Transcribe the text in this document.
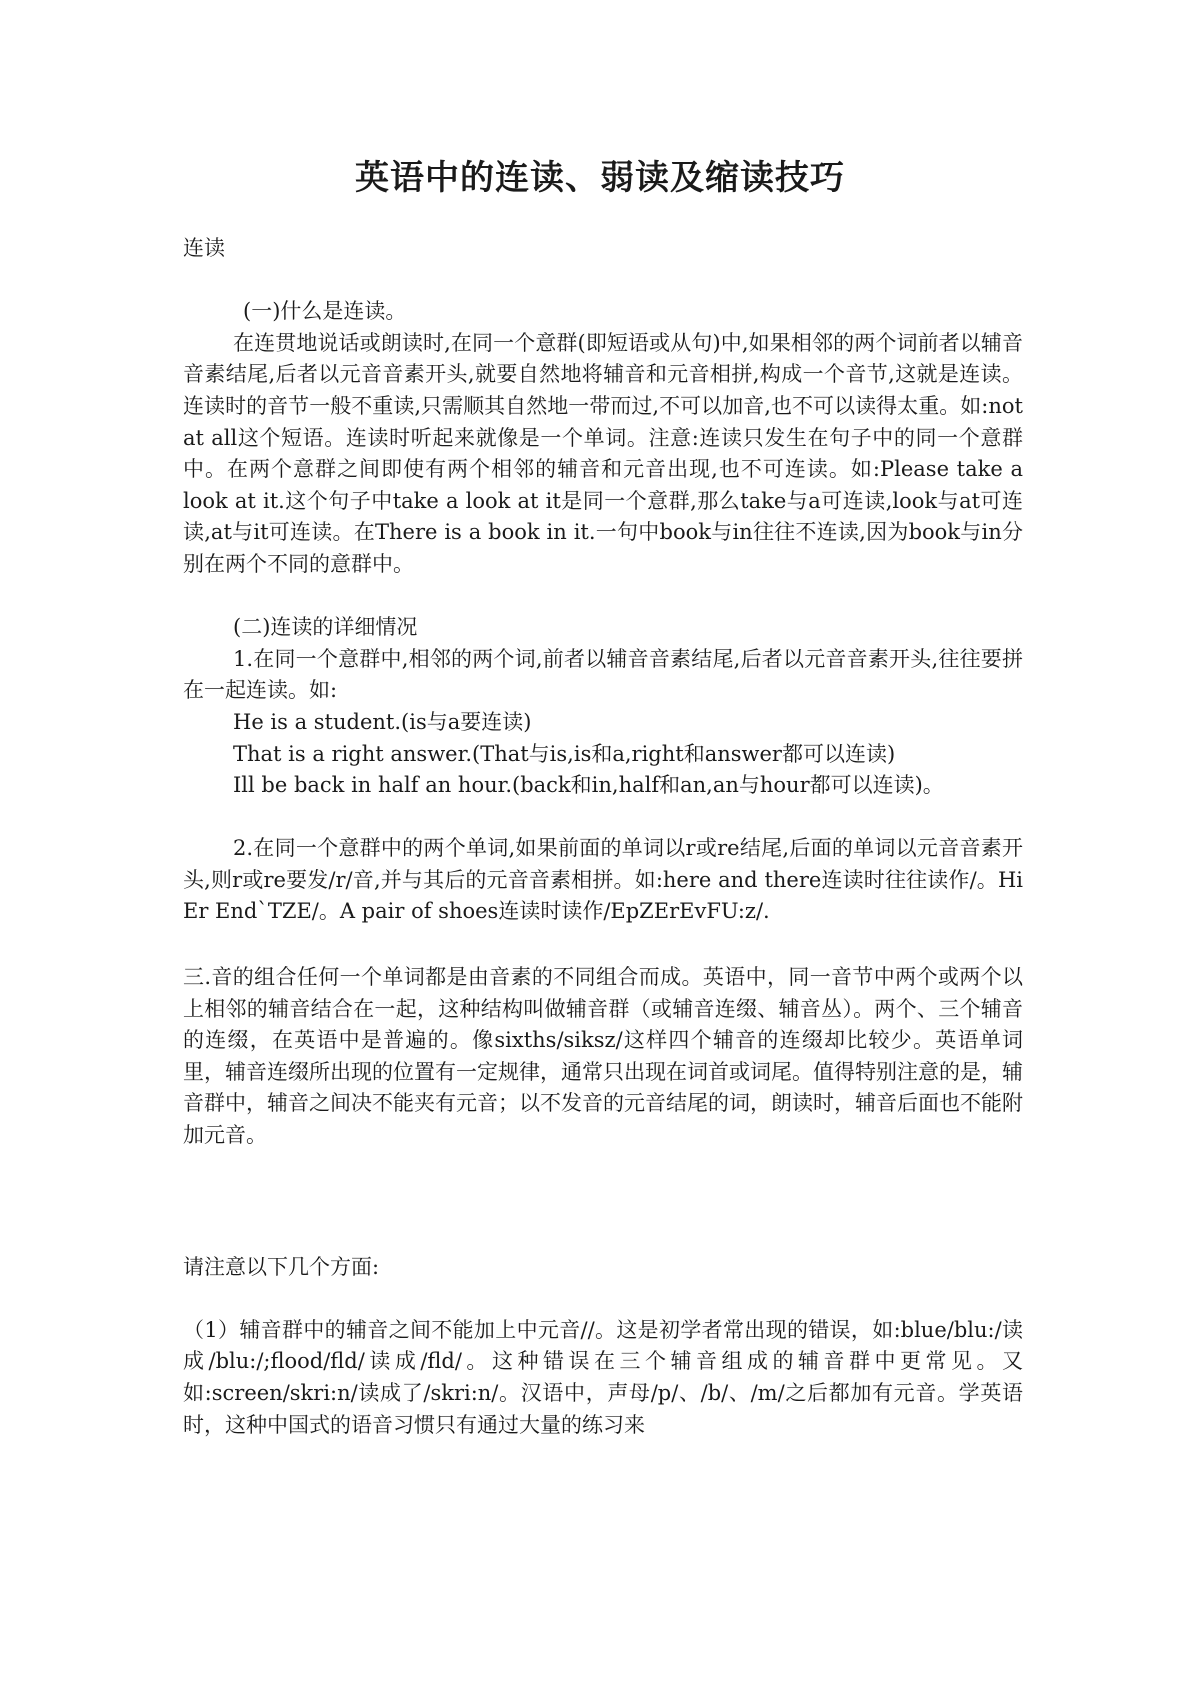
英语中的连读、弱读及缩读技巧

连读

(一)什么是连读。

在连贯地说话或朗读时,在同一个意群(即短语或从句)中,如果相邻的两个词前者以辅音音素结尾,后者以元音音素开头,就要自然地将辅音和元音相拼,构成一个音节,这就是连读。连读时的音节一般不重读,只需顺其自然地一带而过,不可以加音,也不可以读得太重。如:not at all这个短语。连读时听起来就像是一个单词。注意:连读只发生在句子中的同一个意群中。在两个意群之间即使有两个相邻的辅音和元音出现,也不可连读。如:Please take a look at it.这个句子中take a look at it是同一个意群,那么take与a可连读,look与at可连读,at与it可连读。在There is a book in it.一句中book与in往往不连读,因为book与in分别在两个不同的意群中。

(二)连读的详细情况

1.在同一个意群中,相邻的两个词,前者以辅音音素结尾,后者以元音音素开头,往往要拼在一起连读。如:

He is a student.(is与a要连读)

That is a right answer.(That与is,is和a,right和answer都可以连读)

Ill be back in half an hour.(back和in,half和an,an与hour都可以连读)。

2.在同一个意群中的两个单词,如果前面的单词以r或re结尾,后面的单词以元音音素开头,则r或re要发/r/音,并与其后的元音音素相拼。如:here and there连读时往往读作/。Hi Er End`TZE/。A pair of shoes连读时读作/EpZErEvFU:z/.

三.音的组合任何一个单词都是由音素的不同组合而成。英语中，同一音节中两个或两个以上相邻的辅音结合在一起，这种结构叫做辅音群（或辅音连缀、辅音丛）。两个、三个辅音的连缀，在英语中是普遍的。像sixths/siksz/这样四个辅音的连缀却比较少。英语单词里，辅音连缀所出现的位置有一定规律，通常只出现在词首或词尾。值得特别注意的是，辅音群中，辅音之间决不能夹有元音；以不发音的元音结尾的词，朗读时，辅音后面也不能附加元音。

请注意以下几个方面:

（1）辅音群中的辅音之间不能加上中元音//。这是初学者常出现的错误，如:blue/blu:/读成/blu:/;flood/fld/读成/fld/。这种错误在三个辅音组成的辅音群中更常见。又如:screen/skri:n/读成了/skri:n/。汉语中，声母/p/、/b/、/m/之后都加有元音。学英语时，这种中国式的语音习惯只有通过大量的练习来
